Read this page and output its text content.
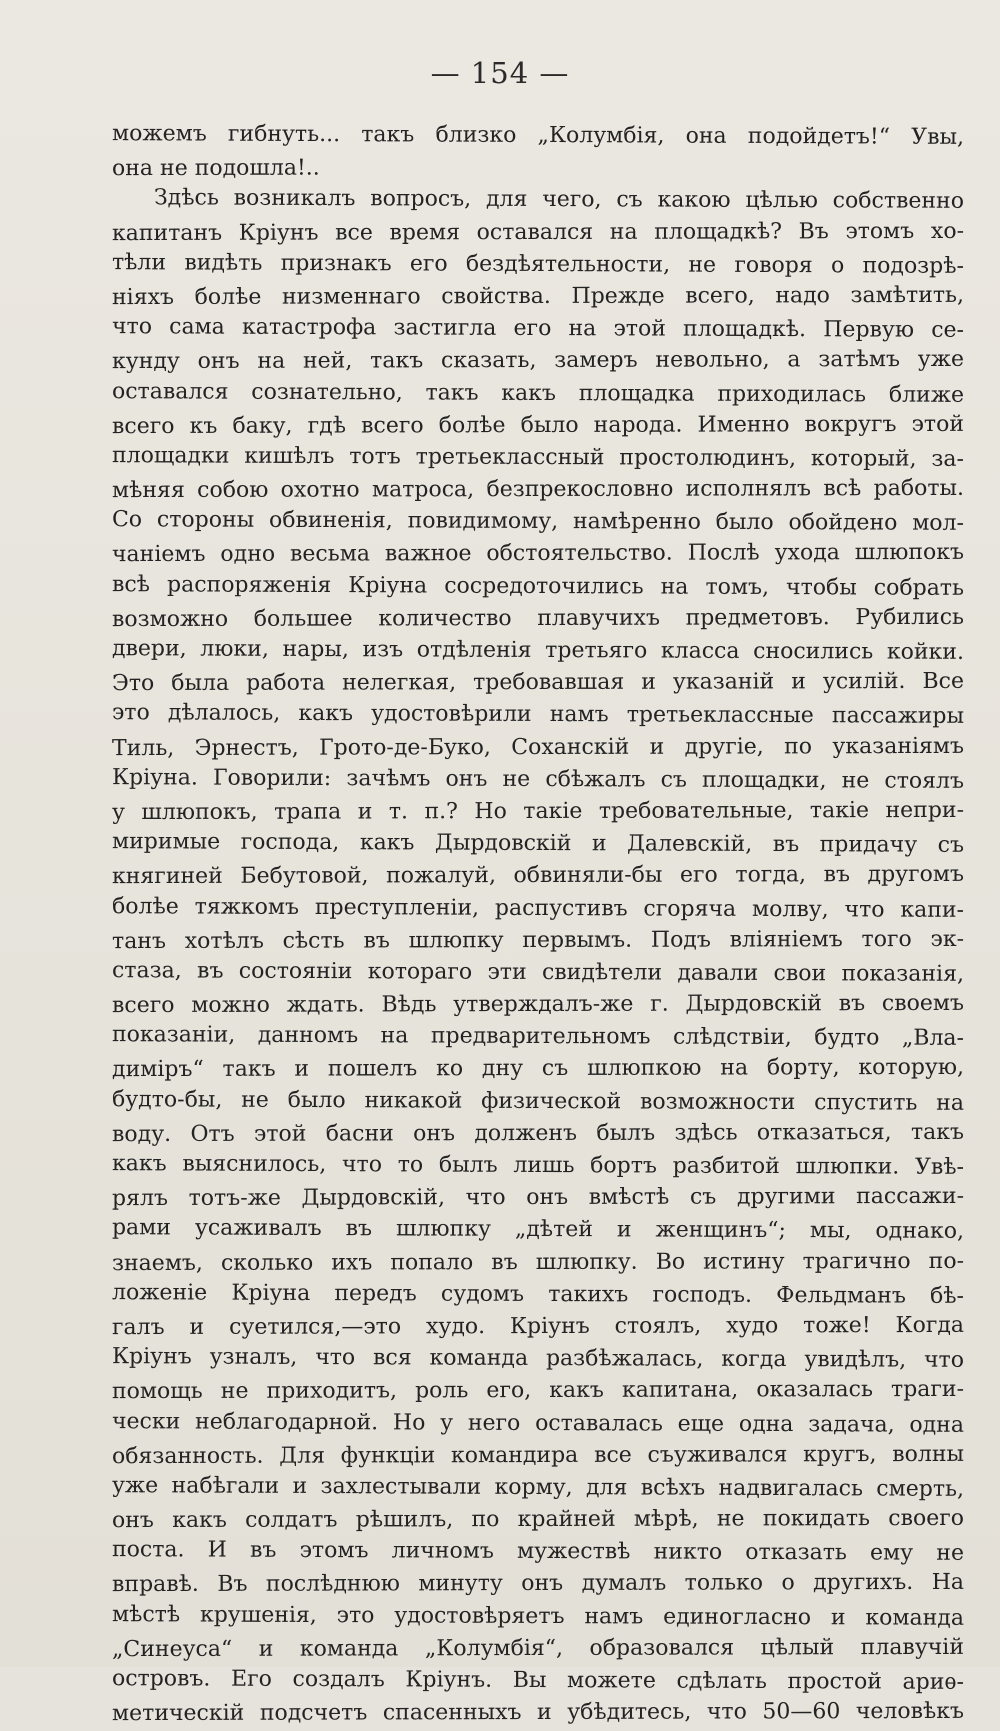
— 154 —
можемъ гибнуть... такъ близко „Колумбія, она подойдетъ!“ Увы,
она не подошла!..
Здѣсь возникалъ вопросъ, для чего, съ какою цѣлью собственно
капитанъ Кріунъ все время оставался на площадкѣ? Въ этомъ хо-
тѣли видѣть признакъ его бездѣятельности, не говоря о подозрѣ-
ніяхъ болѣе низменнаго свойства. Прежде всего, надо замѣтить,
что сама катастрофа застигла его на этой площадкѣ. Первую се-
кунду онъ на ней, такъ сказать, замеръ невольно, а затѣмъ уже
оставался сознательно, такъ какъ площадка приходилась ближе
всего къ баку, гдѣ всего болѣе было народа. Именно вокругъ этой
площадки кишѣлъ тотъ третьеклассный простолюдинъ, который, за-
мѣняя собою охотно матроса, безпрекословно исполнялъ всѣ работы.
Со стороны обвиненія, повидимому, намѣренно было обойдено мол-
чаніемъ одно весьма важное обстоятельство. Послѣ ухода шлюпокъ
всѣ распоряженія Кріуна сосредоточились на томъ, чтобы собрать
возможно большее количество плавучихъ предметовъ. Рубились
двери, люки, нары, изъ отдѣленія третьяго класса сносились койки.
Это была работа нелегкая, требовавшая и указаній и усилій. Все
это дѣлалось, какъ удостовѣрили намъ третьеклассные пассажиры
Тиль, Эрнестъ, Грото-де-Буко, Соханскій и другіе, по указаніямъ
Кріуна. Говорили: зачѣмъ онъ не сбѣжалъ съ площадки, не стоялъ
у шлюпокъ, трапа и т. п.? Но такіе требовательные, такіе непри-
миримые господа, какъ Дырдовскій и Далевскій, въ придачу съ
княгиней Бебутовой, пожалуй, обвиняли-бы его тогда, въ другомъ
болѣе тяжкомъ преступленіи, распустивъ сгоряча молву, что капи-
танъ хотѣлъ сѣсть въ шлюпку первымъ. Подъ вліяніемъ того эк-
стаза, въ состояніи котораго эти свидѣтели давали свои показанія,
всего можно ждать. Вѣдь утверждалъ-же г. Дырдовскій въ своемъ
показаніи, данномъ на предварительномъ слѣдствіи, будто „Вла-
диміръ“ такъ и пошелъ ко дну съ шлюпкою на борту, которую,
будто-бы, не было никакой физической возможности спустить на
воду. Отъ этой басни онъ долженъ былъ здѣсь отказаться, такъ
какъ выяснилось, что то былъ лишь бортъ разбитой шлюпки. Увѣ-
рялъ тотъ-же Дырдовскій, что онъ вмѣстѣ съ другими пассажи-
рами усаживалъ въ шлюпку „дѣтей и женщинъ“; мы, однако,
знаемъ, сколько ихъ попало въ шлюпку. Во истину трагично по-
ложеніе Кріуна передъ судомъ такихъ господъ. Фельдманъ бѣ-
галъ и суетился,—это худо. Кріунъ стоялъ, худо тоже! Когда
Кріунъ узналъ, что вся команда разбѣжалась, когда увидѣлъ, что
помощь не приходитъ, роль его, какъ капитана, оказалась траги-
чески неблагодарной. Но у него оставалась еще одна задача, одна
обязанность. Для функціи командира все съуживался кругъ, волны
уже набѣгали и захлестывали корму, для всѣхъ надвигалась смерть,
онъ какъ солдатъ рѣшилъ, по крайней мѣрѣ, не покидать своего
поста. И въ этомъ личномъ мужествѣ никто отказать ему не
вправѣ. Въ послѣднюю минуту онъ думалъ только о другихъ. На
мѣстѣ крушенія, это удостовѣряетъ намъ единогласно и команда
„Синеуса“ и команда „Колумбія“, образовался цѣлый плавучій
островъ. Его создалъ Кріунъ. Вы можете сдѣлать простой ариѳ-
метическій подсчетъ спасенныхъ и убѣдитесь, что 50—60 человѣкъ
